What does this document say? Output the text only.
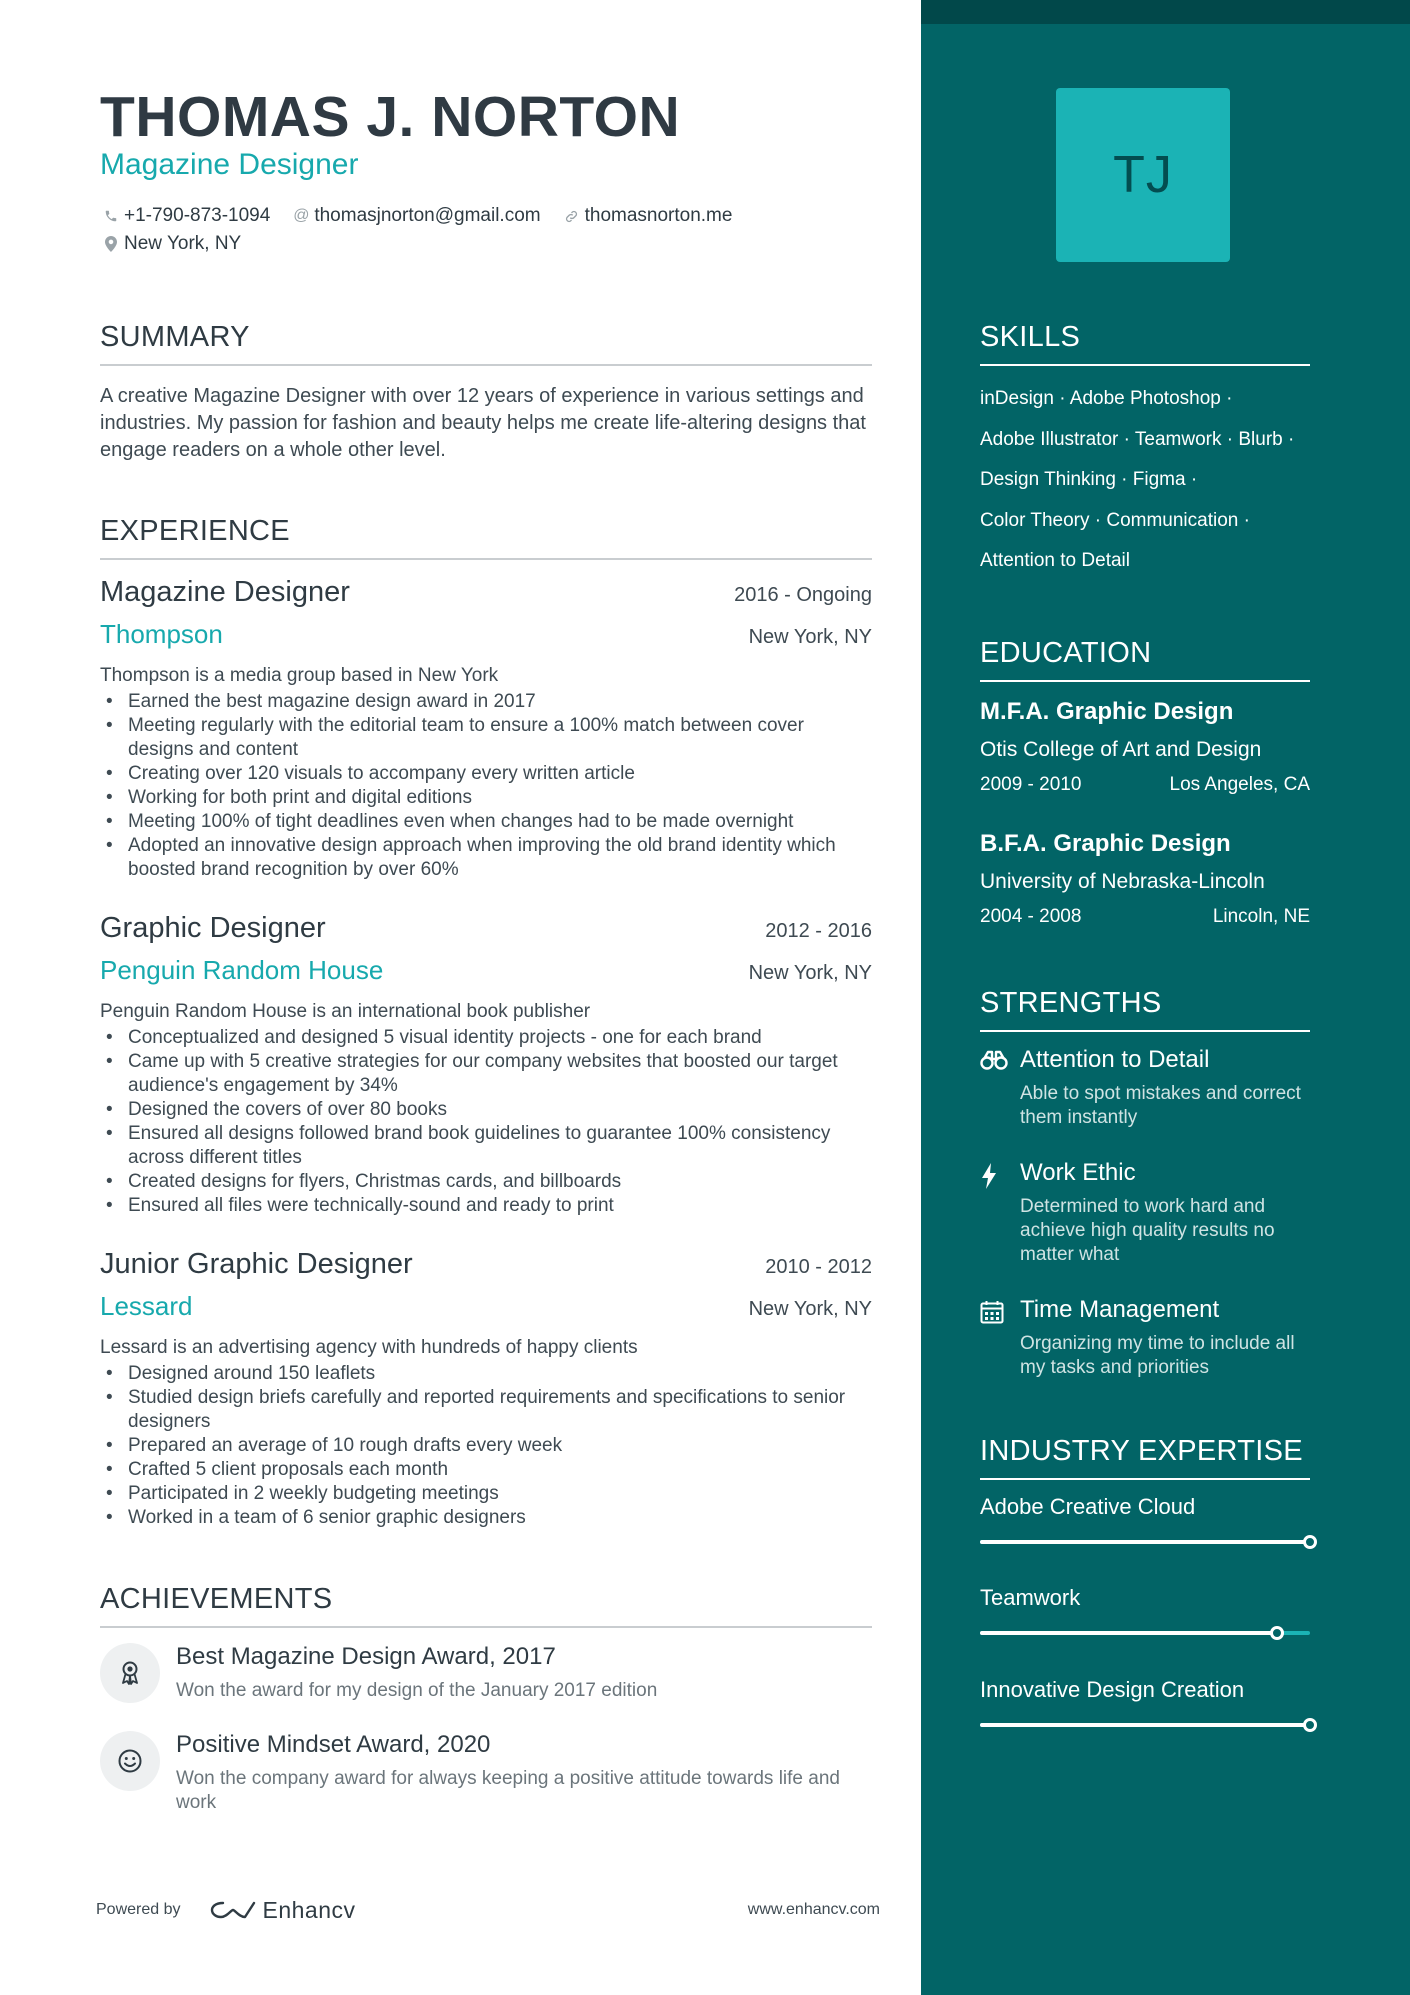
THOMAS J. NORTON
Magazine Designer
+1-790-873-1094 @ thomasjnorton@gmail.com thomasnorton.me
New York, NY
SUMMARY
A creative Magazine Designer with over 12 years of experience in various settings and industries. My passion for fashion and beauty helps me create life-altering designs that engage readers on a whole other level.
EXPERIENCE
Magazine Designer	2016 - Ongoing
Thompson	New York, NY
Thompson is a media group based in New York
• Earned the best magazine design award in 2017
• Meeting regularly with the editorial team to ensure a 100% match between cover designs and content
• Creating over 120 visuals to accompany every written article
• Working for both print and digital editions
• Meeting 100% of tight deadlines even when changes had to be made overnight
• Adopted an innovative design approach when improving the old brand identity which boosted brand recognition by over 60%
Graphic Designer	2012 - 2016
Penguin Random House	New York, NY
Penguin Random House is an international book publisher
• Conceptualized and designed 5 visual identity projects - one for each brand
• Came up with 5 creative strategies for our company websites that boosted our target audience's engagement by 34%
• Designed the covers of over 80 books
• Ensured all designs followed brand book guidelines to guarantee 100% consistency across different titles
• Created designs for flyers, Christmas cards, and billboards
• Ensured all files were technically-sound and ready to print
Junior Graphic Designer	2010 - 2012
Lessard	New York, NY
Lessard is an advertising agency with hundreds of happy clients
• Designed around 150 leaflets
• Studied design briefs carefully and reported requirements and specifications to senior designers
• Prepared an average of 10 rough drafts every week
• Crafted 5 client proposals each month
• Participated in 2 weekly budgeting meetings
• Worked in a team of 6 senior graphic designers
ACHIEVEMENTS
Best Magazine Design Award, 2017
Won the award for my design of the January 2017 edition
Positive Mindset Award, 2020
Won the company award for always keeping a positive attitude towards life and work
Powered by	Enhancv	www.enhancv.com
TJ
SKILLS
inDesign · Adobe Photoshop ·
Adobe Illustrator · Teamwork · Blurb ·
Design Thinking · Figma ·
Color Theory · Communication ·
Attention to Detail
EDUCATION
M.F.A. Graphic Design
Otis College of Art and Design
2009 - 2010	Los Angeles, CA
B.F.A. Graphic Design
University of Nebraska-Lincoln
2004 - 2008	Lincoln, NE
STRENGTHS
Attention to Detail
Able to spot mistakes and correct them instantly
Work Ethic
Determined to work hard and achieve high quality results no matter what
Time Management
Organizing my time to include all my tasks and priorities
INDUSTRY EXPERTISE
Adobe Creative Cloud
Teamwork
Innovative Design Creation
